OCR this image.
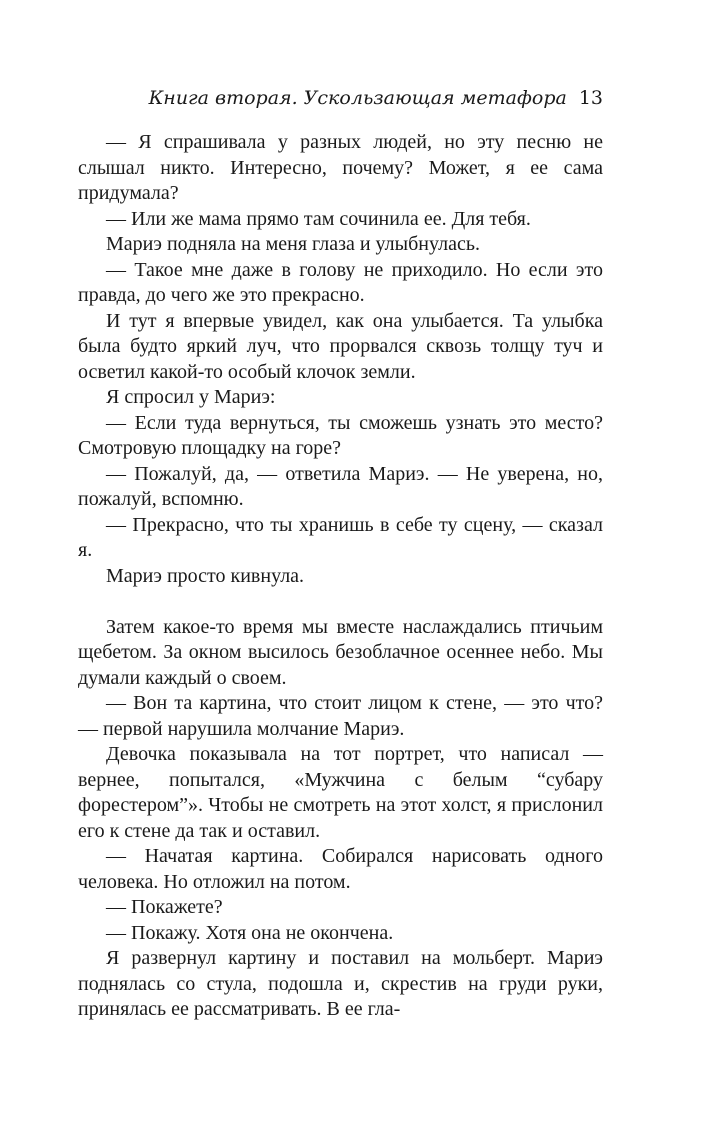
Книга вторая. Ускользающая метафора 13

— Я спрашивала у разных людей, но эту песню не слышал никто. Интересно, почему? Может, я ее сама придумала?

— Или же мама прямо там сочинила ее. Для тебя.

Мариэ подняла на меня глаза и улыбнулась.

— Такое мне даже в голову не приходило. Но если это правда, до чего же это прекрасно.

И тут я впервые увидел, как она улыбается. Та улыбка была будто яркий луч, что прорвался сквозь толщу туч и осветил какой-то особый клочок земли.

Я спросил у Мариэ:

— Если туда вернуться, ты сможешь узнать это место? Смотровую площадку на горе?

— Пожалуй, да, — ответила Мариэ. — Не уверена, но, пожалуй, вспомню.

— Прекрасно, что ты хранишь в себе ту сцену, — сказал я.

Мариэ просто кивнула.

Затем какое-то время мы вместе наслаждались птичьим щебетом. За окном высилось безоблачное осеннее небо. Мы думали каждый о своем.

— Вон та картина, что стоит лицом к стене, — это что? — первой нарушила молчание Мариэ.

Девочка показывала на тот портрет, что написал — вернее, попытался, «Мужчина с белым “субару форестером”». Чтобы не смотреть на этот холст, я прислонил его к стене да так и оставил.

— Начатая картина. Собирался нарисовать одного человека. Но отложил на потом.

— Покажете?

— Покажу. Хотя она не окончена.

Я развернул картину и поставил на мольберт. Мариэ поднялась со стула, подошла и, скрестив на груди руки, принялась ее рассматривать. В ее гла-
